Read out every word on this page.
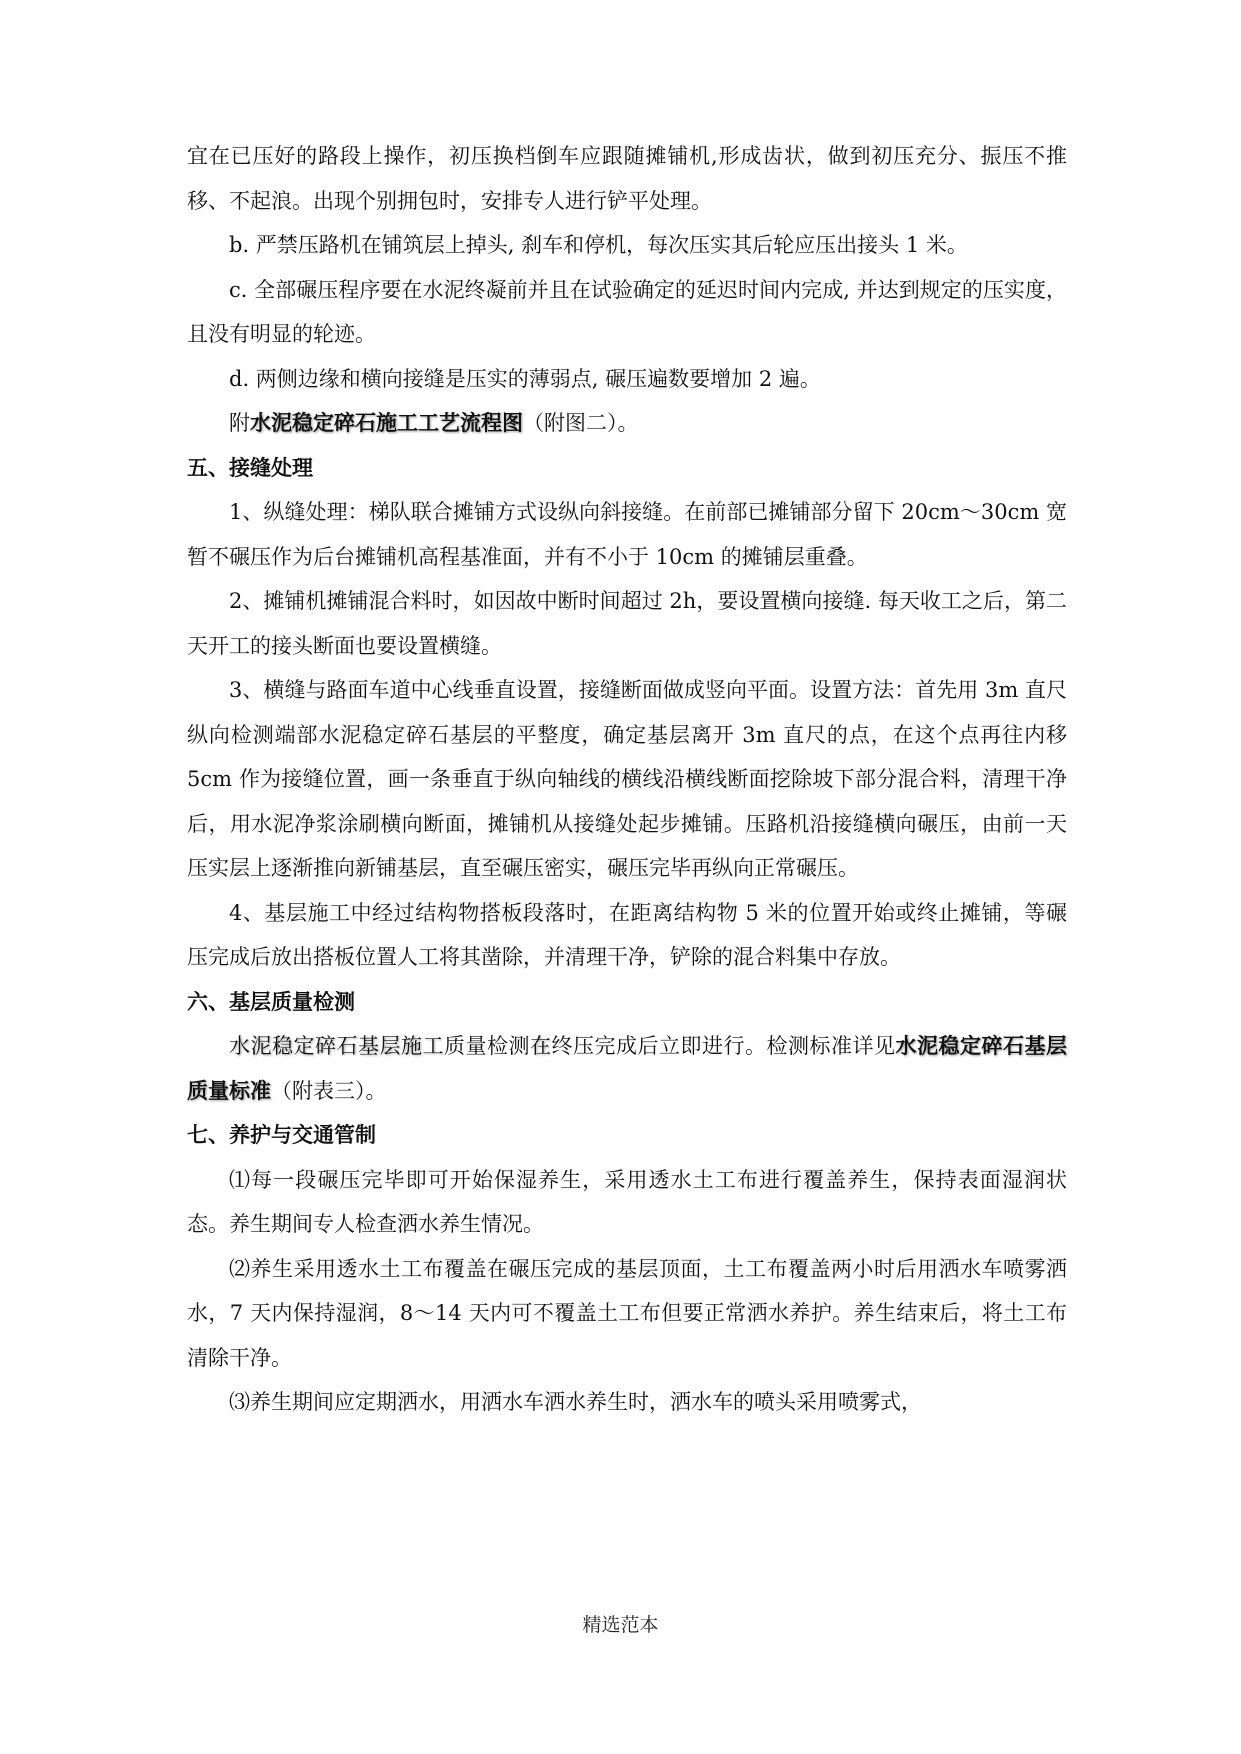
宜在已压好的路段上操作，初压换档倒车应跟随摊铺机,形成齿状，做到初压充分、振压不推移、不起浪。出现个别拥包时，安排专人进行铲平处理。

b. 严禁压路机在铺筑层上掉头, 刹车和停机，每次压实其后轮应压出接头 1 米。

c. 全部碾压程序要在水泥终凝前并且在试验确定的延迟时间内完成, 并达到规定的压实度，且没有明显的轮迹。

d. 两侧边缘和横向接缝是压实的薄弱点, 碾压遍数要增加 2 遍。

附水泥稳定碎石施工工艺流程图（附图二）。

五、接缝处理

1、纵缝处理：梯队联合摊铺方式设纵向斜接缝。在前部已摊铺部分留下 20cm～30cm 宽暂不碾压作为后台摊铺机高程基准面，并有不小于 10cm 的摊铺层重叠。

2、摊铺机摊铺混合料时，如因故中断时间超过 2h，要设置横向接缝. 每天收工之后，第二天开工的接头断面也要设置横缝。

3、横缝与路面车道中心线垂直设置，接缝断面做成竖向平面。设置方法：首先用 3m 直尺纵向检测端部水泥稳定碎石基层的平整度，确定基层离开 3m 直尺的点，在这个点再往内移 5cm 作为接缝位置，画一条垂直于纵向轴线的横线沿横线断面挖除坡下部分混合料，清理干净后，用水泥净浆涂刷横向断面，摊铺机从接缝处起步摊铺。压路机沿接缝横向碾压，由前一天压实层上逐渐推向新铺基层，直至碾压密实，碾压完毕再纵向正常碾压。

4、基层施工中经过结构物搭板段落时，在距离结构物 5 米的位置开始或终止摊铺，等碾压完成后放出搭板位置人工将其凿除，并清理干净，铲除的混合料集中存放。

六、基层质量检测

水泥稳定碎石基层施工质量检测在终压完成后立即进行。检测标准详见水泥稳定碎石基层质量标准（附表三）。

七、养护与交通管制

⑴每一段碾压完毕即可开始保湿养生，采用透水土工布进行覆盖养生，保持表面湿润状态。养生期间专人检查洒水养生情况。

⑵养生采用透水土工布覆盖在碾压完成的基层顶面，土工布覆盖两小时后用洒水车喷雾洒水，7 天内保持湿润，8～14 天内可不覆盖土工布但要正常洒水养护。养生结束后，将土工布清除干净。

⑶养生期间应定期洒水，用洒水车洒水养生时，洒水车的喷头采用喷雾式，

精选范本
